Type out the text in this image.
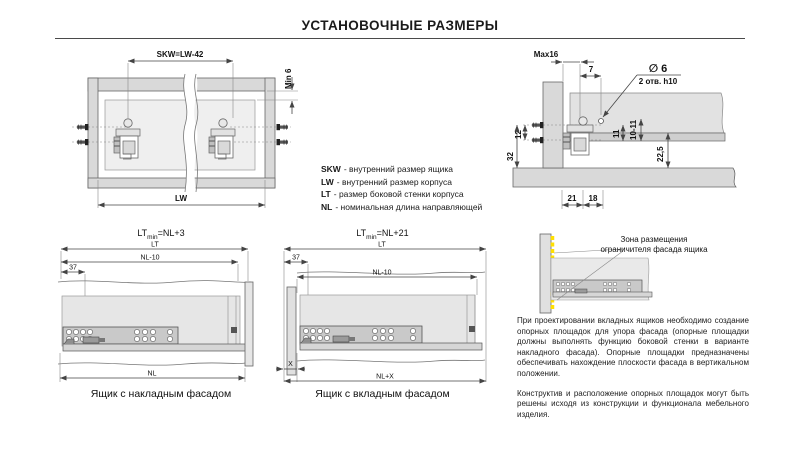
УСТАНОВОЧНЫЕ РАЗМЕРЫ
SKW=LW-42
Min 6
LW
SKW - внутренний размер ящика
LW - внутренний размер корпуса
LT - размер боковой стенки корпуса
NL - номинальная длина направляющей
Max16
7	∅ 6
2 отв. h10
12
32
11 10-11
22,5
21 18
$LT_{min}=NL+3$
LT
NL-10
37
NL
Ящик с накладным фасадом
$LT_{min}=NL+21$
LT
37
NL-10
X
NL+X
Ящик с вкладным фасадом
Зона размещения
ограничителя фасада ящика

При проектировании вкладных ящиков необходимо создание опорных площадок для упора фасада (опорные площадки должны выполнять функцию боковой стенки в варианте накладного фасада). Опорные площадки предназначены обеспечивать нахождение плоскости фасада в вертикальном положении.

Конструктив и расположение опорных площадок могут быть решены исходя из конструкции и функционала мебельного изделия.
